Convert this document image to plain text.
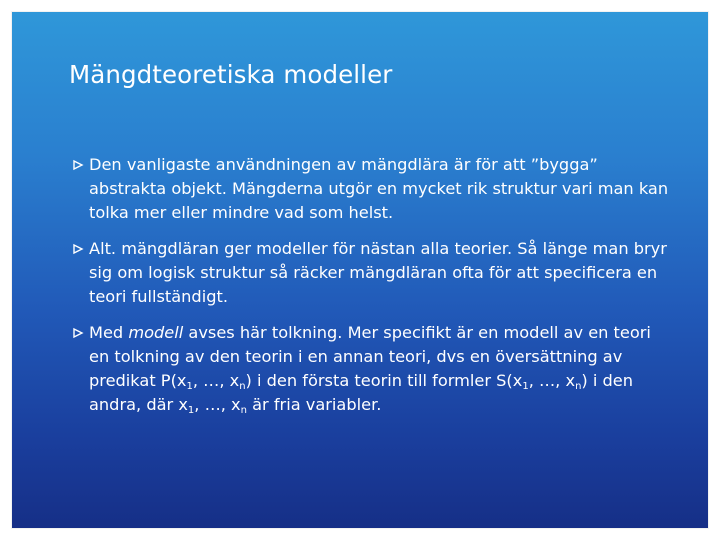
Mängdteoretiska modeller
Den vanligaste användningen av mängdlära är för att ”bygga” abstrakta objekt. Mängderna utgör en mycket rik struktur vari man kan tolka mer eller mindre vad som helst.
Alt. mängdläran ger modeller för nästan alla teorier. Så länge man bryr sig om logisk struktur så räcker mängdläran ofta för att specificera en teori fullständigt.
Med modell avses här tolkning. Mer specifikt är en modell av en teori en tolkning av den teorin i en annan teori, dvs en översättning av predikat $P(x_1$, …, $x_n$) i den första teorin till formler $S(x_1$, …, $x_n$) i den andra, där $x_1$, …, $x_n$ är fria variabler.
